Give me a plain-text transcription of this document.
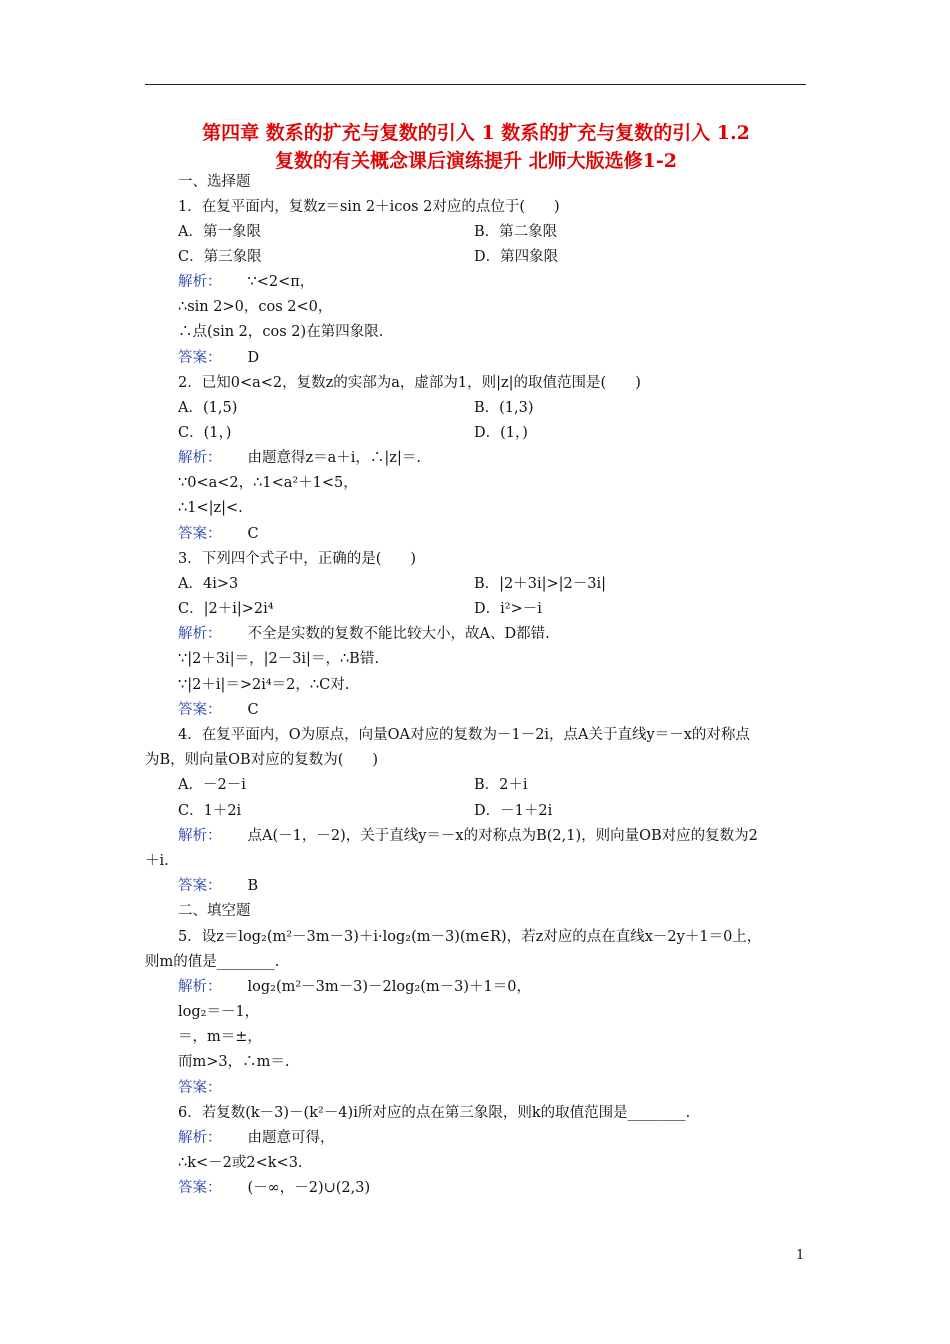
第四章 数系的扩充与复数的引入 1 数系的扩充与复数的引入 1.2
复数的有关概念课后演练提升 北师大版选修1-2
一、选择题
1．在复平面内，复数z＝sin 2＋icos 2对应的点位于(　　)
A．第一象限	B．第二象限
C．第三象限	D．第四象限
解析： ∵<2<π，
∴sin 2>0，cos 2<0，
∴点(sin 2，cos 2)在第四象限.
答案： D
2．已知0<a<2，复数z的实部为a，虚部为1，则|z|的取值范围是(　　)
A．(1,5)	B．(1,3)
C．(1，)	D．(1，)
解析： 由题意得z＝a＋i，∴|z|＝.
∵0<a<2，∴1<a²＋1<5，
∴1<|z|<.
答案： C
3．下列四个式子中，正确的是(　　)
A．4i>3	B．|2＋3i|>|2－3i|
C．|2＋i|>2i⁴	D．i²>－i
解析： 不全是实数的复数不能比较大小，故A、D都错.
∵|2＋3i|＝，|2－3i|＝，∴B错.
∵|2＋i|＝>2i⁴＝2，∴C对.
答案： C
4．在复平面内，O为原点，向量OA对应的复数为－1－2i，点A关于直线y＝－x的对称点
为B，则向量OB对应的复数为(　　)
A．－2－i	B．2＋i
C．1＋2i	D．－1＋2i
解析： 点A(－1，－2)，关于直线y＝－x的对称点为B(2,1)，则向量OB对应的复数为2
＋i.
答案： B
二、填空题
5．设z＝log₂(m²－3m－3)＋i·log₂(m－3)(m∈R)，若z对应的点在直线x－2y＋1＝0上，
则m的值是________.
解析： log₂(m²－3m－3)－2log₂(m－3)＋1＝0，
log₂＝－1，
＝，m＝±，
而m>3，∴m＝.
答案：
6．若复数(k－3)－(k²－4)i所对应的点在第三象限，则k的取值范围是________.
解析： 由题意可得，
∴k<－2或2<k<3.
答案： (－∞，－2)∪(2,3)
1
